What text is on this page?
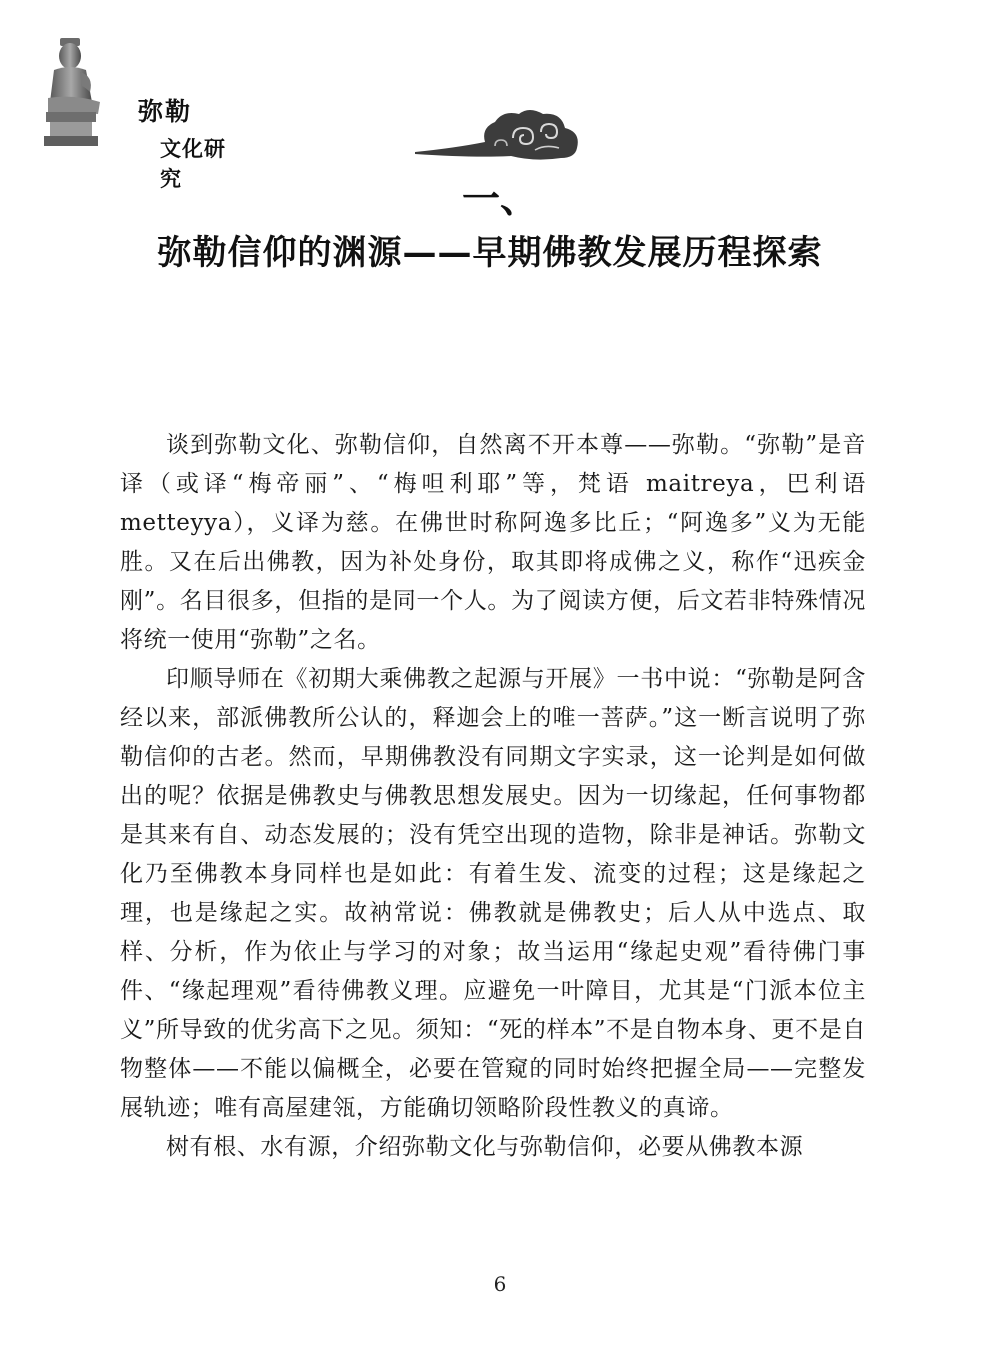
弥勒
文化研究	一、
弥勒信仰的渊源——早期佛教发展历程探索

谈到弥勒文化、弥勒信仰，自然离不开本尊——弥勒。“弥勒”是音译（或译“梅帝丽”、“梅呾利耶”等，梵语 maitreya，巴利语 metteyya），义译为慈。在佛世时称阿逸多比丘；“阿逸多”义为无能胜。又在后出佛教，因为补处身份，取其即将成佛之义，称作“迅疾金刚”。名目很多，但指的是同一个人。为了阅读方便，后文若非特殊情况将统一使用“弥勒”之名。

印顺导师在《初期大乘佛教之起源与开展》一书中说：“弥勒是阿含经以来，部派佛教所公认的，释迦会上的唯一菩萨。”这一断言说明了弥勒信仰的古老。然而，早期佛教没有同期文字实录，这一论判是如何做出的呢？依据是佛教史与佛教思想发展史。因为一切缘起，任何事物都是其来有自、动态发展的；没有凭空出现的造物，除非是神话。弥勒文化乃至佛教本身同样也是如此：有着生发、流变的过程；这是缘起之理，也是缘起之实。故衲常说：佛教就是佛教史；后人从中选点、取样、分析，作为依止与学习的对象；故当运用“缘起史观”看待佛门事件、“缘起理观”看待佛教义理。应避免一叶障目，尤其是“门派本位主义”所导致的优劣高下之见。须知：“死的样本”不是自物本身、更不是自物整体——不能以偏概全，必要在管窥的同时始终把握全局——完整发展轨迹；唯有高屋建瓴，方能确切领略阶段性教义的真谛。

树有根、水有源，介绍弥勒文化与弥勒信仰，必要从佛教本源

6
